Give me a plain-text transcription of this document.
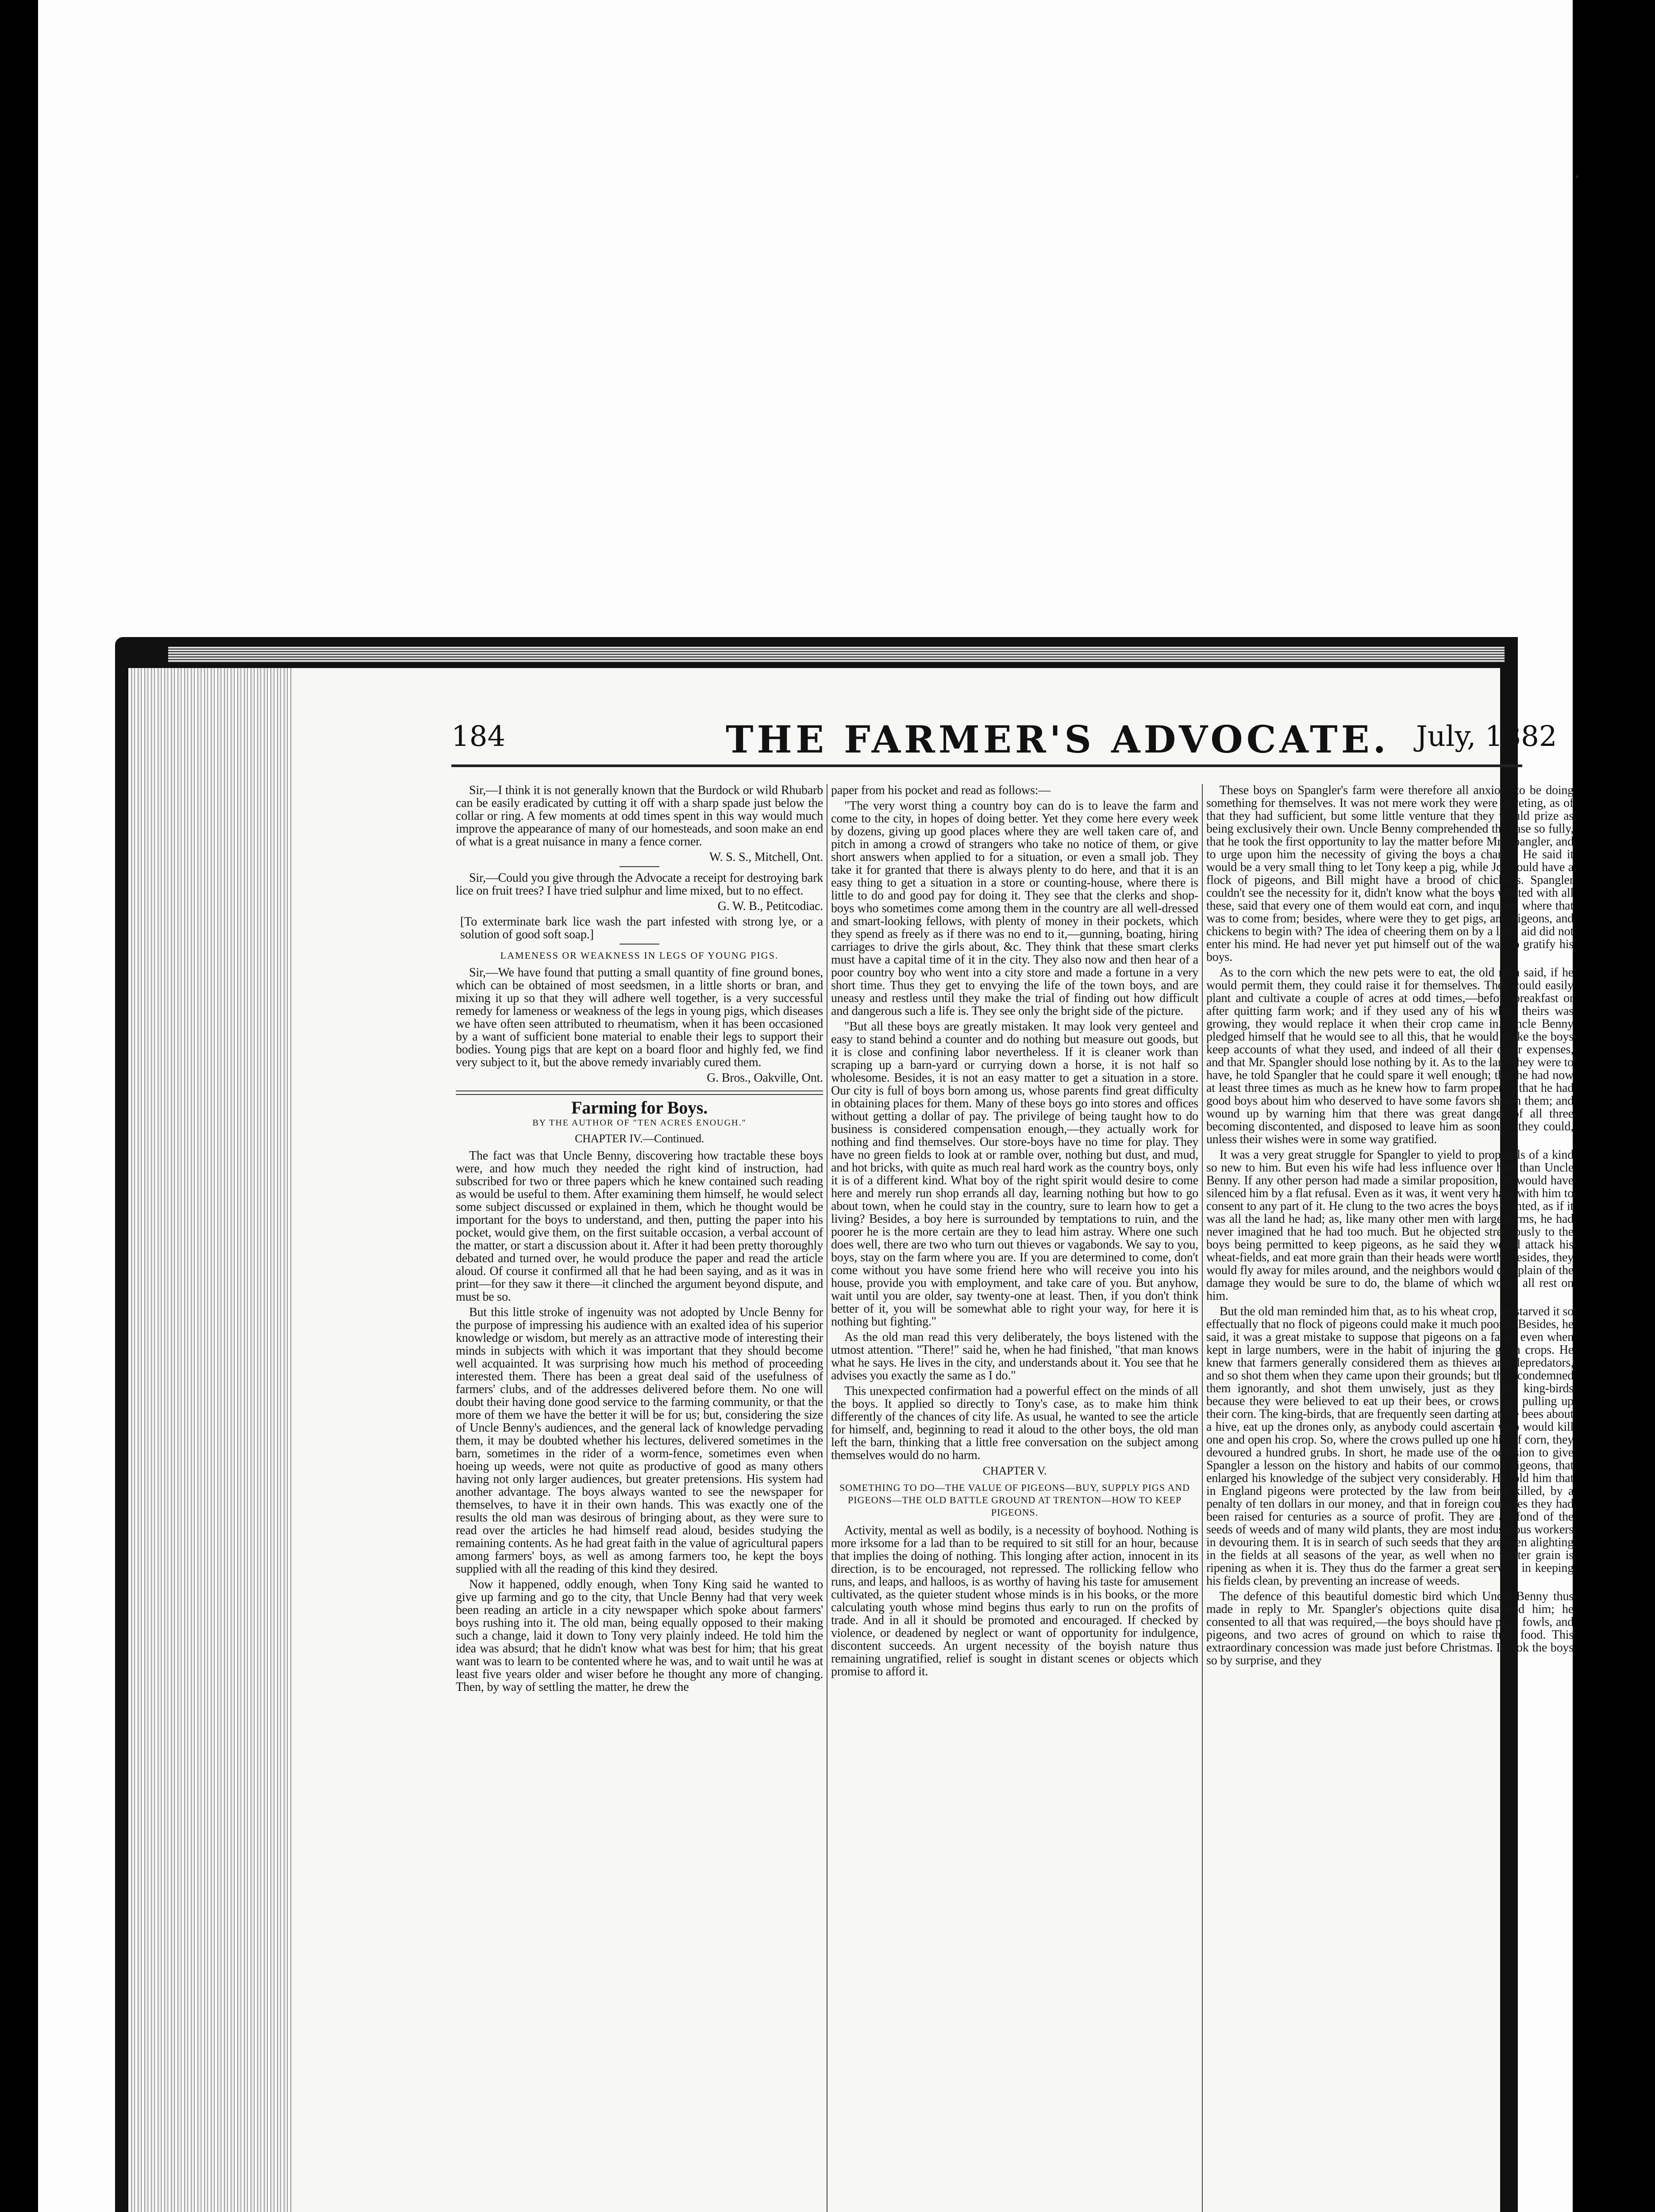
·
184	THE FARMER'S ADVOCATE. July, 1882

Sir,—I think it is not generally known that the Burdock or wild Rhubarb can be easily eradicated by cutting it off with a sharp spade just below the collar or ring. A few moments at odd times spent in this way would much improve the appearance of many of our homesteads, and soon make an end of what is a great nuisance in many a fence corner.

W. S. S., Mitchell, Ont.

Sir,—Could you give through the Advocate a receipt for destroying bark lice on fruit trees? I have tried sulphur and lime mixed, but to no effect.

G. W. B., Petitcodiac.

[To exterminate bark lice wash the part infested with strong lye, or a solution of good soft soap.]

LAMENESS OR WEAKNESS IN LEGS OF YOUNG PIGS.

Sir,—We have found that putting a small quantity of fine ground bones, which can be obtained of most seedsmen, in a little shorts or bran, and mixing it up so that they will adhere well together, is a very successful remedy for lameness or weakness of the legs in young pigs, which diseases we have often seen attributed to rheumatism, when it has been occasioned by a want of sufficient bone material to enable their legs to support their bodies. Young pigs that are kept on a board floor and highly fed, we find very subject to it, but the above remedy invariably cured them.

G. Bros., Oakville, Ont.

Farming for Boys.
BY THE AUTHOR OF "TEN ACRES ENOUGH."
CHAPTER IV.—Continued.

The fact was that Uncle Benny, discovering how tractable these boys were, and how much they needed the right kind of instruction, had subscribed for two or three papers which he knew contained such reading as would be useful to them. After examining them himself, he would select some subject discussed or explained in them, which he thought would be important for the boys to understand, and then, putting the paper into his pocket, would give them, on the first suitable occasion, a verbal account of the matter, or start a discussion about it. After it had been pretty thoroughly debated and turned over, he would produce the paper and read the article aloud. Of course it confirmed all that he had been saying, and as it was in print—for they saw it there—it clinched the argument beyond dispute, and must be so.

But this little stroke of ingenuity was not adopted by Uncle Benny for the purpose of impressing his audience with an exalted idea of his superior knowledge or wisdom, but merely as an attractive mode of interesting their minds in subjects with which it was important that they should become well acquainted. It was surprising how much his method of proceeding interested them. There has been a great deal said of the usefulness of farmers' clubs, and of the addresses delivered before them. No one will doubt their having done good service to the farming community, or that the more of them we have the better it will be for us; but, considering the size of Uncle Benny's audiences, and the general lack of knowledge pervading them, it may be doubted whether his lectures, delivered sometimes in the barn, sometimes in the rider of a worm-fence, sometimes even when hoeing up weeds, were not quite as productive of good as many others having not only larger audiences, but greater pretensions. His system had another advantage. The boys always wanted to see the newspaper for themselves, to have it in their own hands. This was exactly one of the results the old man was desirous of bringing about, as they were sure to read over the articles he had himself read aloud, besides studying the remaining contents. As he had great faith in the value of agricultural papers among farmers' boys, as well as among farmers too, he kept the boys supplied with all the reading of this kind they desired.

Now it happened, oddly enough, when Tony King said he wanted to give up farming and go to the city, that Uncle Benny had that very week been reading an article in a city newspaper which spoke about farmers' boys rushing into it. The old man, being equally opposed to their making such a change, laid it down to Tony very plainly indeed. He told him the idea was absurd; that he didn't know what was best for him; that his great want was to learn to be contented where he was, and to wait until he was at least five years older and wiser before he thought any more of changing. Then, by way of settling the matter, he drew the

paper from his pocket and read as follows:—

"The very worst thing a country boy can do is to leave the farm and come to the city, in hopes of doing better. Yet they come here every week by dozens, giving up good places where they are well taken care of, and pitch in among a crowd of strangers who take no notice of them, or give short answers when applied to for a situation, or even a small job. They take it for granted that there is always plenty to do here, and that it is an easy thing to get a situation in a store or counting-house, where there is little to do and good pay for doing it. They see that the clerks and shop-boys who sometimes come among them in the country are all well-dressed and smart-looking fellows, with plenty of money in their pockets, which they spend as freely as if there was no end to it,—gunning, boating, hiring carriages to drive the girls about, &c. They think that these smart clerks must have a capital time of it in the city. They also now and then hear of a poor country boy who went into a city store and made a fortune in a very short time. Thus they get to envying the life of the town boys, and are uneasy and restless until they make the trial of finding out how difficult and dangerous such a life is. They see only the bright side of the picture.

"But all these boys are greatly mistaken. It may look very genteel and easy to stand behind a counter and do nothing but measure out goods, but it is close and confining labor nevertheless. If it is cleaner work than scraping up a barn-yard or currying down a horse, it is not half so wholesome. Besides, it is not an easy matter to get a situation in a store. Our city is full of boys born among us, whose parents find great difficulty in obtaining places for them. Many of these boys go into stores and offices without getting a dollar of pay. The privilege of being taught how to do business is considered compensation enough,—they actually work for nothing and find themselves. Our store-boys have no time for play. They have no green fields to look at or ramble over, nothing but dust, and mud, and hot bricks, with quite as much real hard work as the country boys, only it is of a different kind. What boy of the right spirit would desire to come here and merely run shop errands all day, learning nothing but how to go about town, when he could stay in the country, sure to learn how to get a living? Besides, a boy here is surrounded by temptations to ruin, and the poorer he is the more certain are they to lead him astray. Where one such does well, there are two who turn out thieves or vagabonds. We say to you, boys, stay on the farm where you are. If you are determined to come, don't come without you have some friend here who will receive you into his house, provide you with employment, and take care of you. But anyhow, wait until you are older, say twenty-one at least. Then, if you don't think better of it, you will be somewhat able to right your way, for here it is nothing but fighting."

As the old man read this very deliberately, the boys listened with the utmost attention. "There!" said he, when he had finished, "that man knows what he says. He lives in the city, and understands about it. You see that he advises you exactly the same as I do."

This unexpected confirmation had a powerful effect on the minds of all the boys. It applied so directly to Tony's case, as to make him think differently of the chances of city life. As usual, he wanted to see the article for himself, and, beginning to read it aloud to the other boys, the old man left the barn, thinking that a little free conversation on the subject among themselves would do no harm.

CHAPTER V.
SOMETHING TO DO—THE VALUE OF PIGEONS—BUY, SUPPLY PIGS AND PIGEONS—THE OLD BATTLE GROUND AT TRENTON—HOW TO KEEP PIGEONS.

Activity, mental as well as bodily, is a necessity of boyhood. Nothing is more irksome for a lad than to be required to sit still for an hour, because that implies the doing of nothing. This longing after action, innocent in its direction, is to be encouraged, not repressed. The rollicking fellow who runs, and leaps, and halloos, is as worthy of having his taste for amusement cultivated, as the quieter student whose minds is in his books, or the more calculating youth whose mind begins thus early to run on the profits of trade. And in all it should be promoted and encouraged. If checked by violence, or deadened by neglect or want of opportunity for indulgence, discontent succeeds. An urgent necessity of the boyish nature thus remaining ungratified, relief is sought in distant scenes or objects which promise to afford it.

These boys on Spangler's farm were therefore all anxious to be doing something for themselves. It was not mere work they were coveting, as of that they had sufficient, but some little venture that they would prize as being exclusively their own. Uncle Benny comprehended the case so fully, that he took the first opportunity to lay the matter before Mr. Spangler, and to urge upon him the necessity of giving the boys a chance. He said it would be a very small thing to let Tony keep a pig, while Joe could have a flock of pigeons, and Bill might have a brood of chickens. Spangler couldn't see the necessity for it, didn't know what the boys wanted with all these, said that every one of them would eat corn, and inquired where that was to come from; besides, where were they to get pigs, and pigeons, and chickens to begin with? The idea of cheering them on by a little aid did not enter his mind. He had never yet put himself out of the way to gratify his boys.

As to the corn which the new pets were to eat, the old man said, if he would permit them, they could raise it for themselves. They could easily plant and cultivate a couple of acres at odd times,—before breakfast or after quitting farm work; and if they used any of his while theirs was growing, they would replace it when their crop came in. Uncle Benny pledged himself that he would see to all this, that he would make the boys keep accounts of what they used, and indeed of all their other expenses, and that Mr. Spangler should lose nothing by it. As to the land they were to have, he told Spangler that he could spare it well enough; that he had now at least three times as much as he knew how to farm properly; that he had good boys about him who deserved to have some favors shown them; and wound up by warning him that there was great danger of all three becoming discontented, and disposed to leave him as soon as they could, unless their wishes were in some way gratified.

It was a very great struggle for Spangler to yield to proposals of a kind so new to him. But even his wife had less influence over him than Uncle Benny. If any other person had made a similar proposition, he would have silenced him by a flat refusal. Even as it was, it went very hard with him to consent to any part of it. He clung to the two acres the boys wanted, as if it was all the land he had; as, like many other men with large farms, he had never imagined that he had too much. But he objected strenuously to the boys being permitted to keep pigeons, as he said they would attack his wheat-fields, and eat more grain than their heads were worth. Besides, they would fly away for miles around, and the neighbors would complain of the damage they would be sure to do, the blame of which would all rest on him.

But the old man reminded him that, as to his wheat crop, he starved it so effectually that no flock of pigeons could make it much poorer. Besides, he said, it was a great mistake to suppose that pigeons on a farm, even when kept in large numbers, were in the habit of injuring the grain crops. He knew that farmers generally considered them as thieves and depredators, and so shot them when they came upon their grounds; but they condemned them ignorantly, and shot them unwisely, just as they did king-birds because they were believed to eat up their bees, or crows for pulling up their corn. The king-birds, that are frequently seen darting at the bees about a hive, eat up the drones only, as anybody could ascertain who would kill one and open his crop. So, where the crows pulled up one hill of corn, they devoured a hundred grubs. In short, he made use of the occasion to give Spangler a lesson on the history and habits of our common pigeons, that enlarged his knowledge of the subject very considerably. He told him that in England pigeons were protected by the law from being killed, by a penalty of ten dollars in our money, and that in foreign countries they had been raised for centuries as a source of profit. They are all fond of the seeds of weeds and of many wild plants, they are most industrious workers in devouring them. It is in search of such seeds that they are seen alighting in the fields at all seasons of the year, as well when no winter grain is ripening as when it is. They thus do the farmer a great service in keeping his fields clean, by preventing an increase of weeds.

The defence of this beautiful domestic bird which Uncle Benny thus made in reply to Mr. Spangler's objections quite disarmed him; he consented to all that was required,—the boys should have pigs, fowls, and pigeons, and two acres of ground on which to raise their food. This extraordinary concession was made just before Christmas. It took the boys so by surprise, and they
